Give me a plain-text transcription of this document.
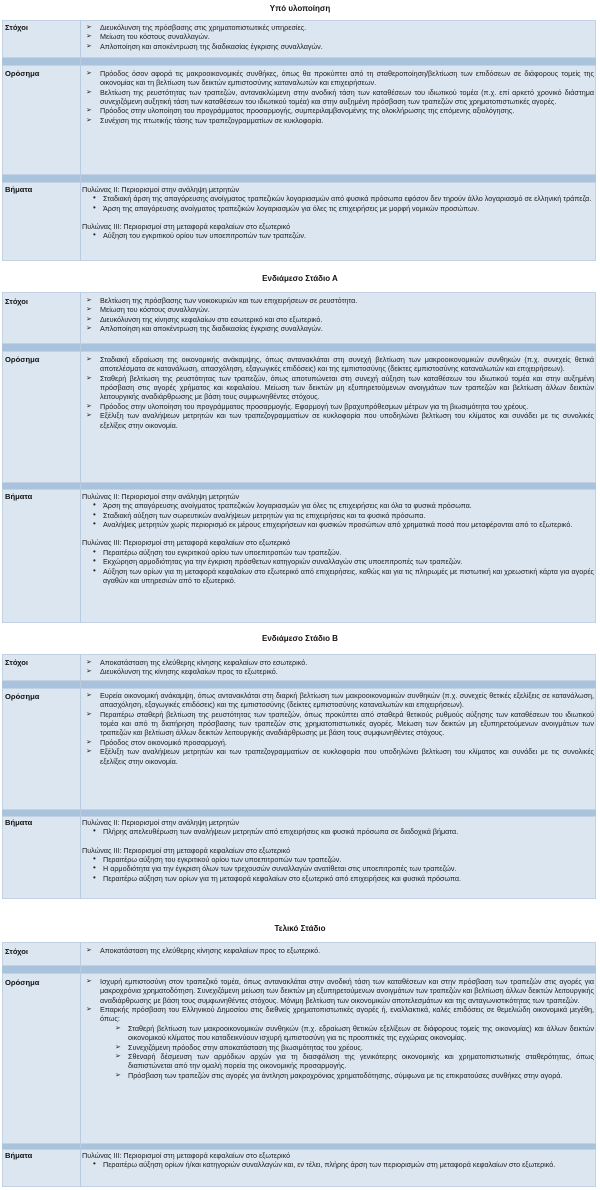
Υπό υλοποίηση
Στόχοι
Ορόσημα
Βήματα
➢ Διευκόλυνση της πρόσβασης στις χρηματοπιστωτικές υπηρεσίες.
➢ Μείωση του κόστους συναλλαγών.
➢ Απλοποίηση και αποκέντρωση της διαδικασίας έγκρισης συναλλαγών.
➢ Πρόοδος όσον αφορά τις μακροοικονομικές συνθήκες, όπως θα προκύπτει από τη σταθεροποίηση/βελτίωση των επιδόσεων σε διάφορους τομείς της οικονομίας και τη βελτίωση των δεικτών εμπιστοσύνης καταναλωτών και επιχειρήσεων.
➢ Βελτίωση της ρευστότητας των τραπεζών, αντανακλώμενη στην ανοδική τάση των καταθέσεων του ιδιωτικού τομέα (π.χ. επί αρκετό χρονικό διάστημα συνεχιζόμενη αυξητική τάση των καταθέσεων του ιδιωτικού τομέα) και στην αυξημένη πρόσβαση των τραπεζών στις χρηματοπιστωτικές αγορές.
➢ Πρόοδος στην υλοποίηση του προγράμματος προσαρμογής, συμπεριλαμβανομένης της ολοκλήρωσης της επόμενης αξιολόγησης.
➢ Συνέχιση της πτωτικής τάσης των τραπεζογραμματίων σε κυκλοφορία.

Πυλώνας ΙΙ: Περιορισμοί στην ανάληψη μετρητών

• Σταδιακή άρση της απαγόρευσης ανοίγματος τραπεζικών λογαριασμών από φυσικά πρόσωπα εφόσον δεν τηρούν άλλο λογαριασμό σε ελληνική τράπεζα.
• Άρση της απαγόρευσης ανοίγματος τραπεζικών λογαριασμών για όλες τις επιχειρήσεις με μορφή νομικών προσώπων.

Πυλώνας ΙΙΙ: Περιορισμοί στη μεταφορά κεφαλαίων στο εξωτερικό

• Αύξηση του εγκριτικού ορίου των υποεπιτροπών των τραπεζών.
Ενδιάμεσο Στάδιο Α
Στόχοι
Ορόσημα
Βήματα
➢ Βελτίωση της πρόσβασης των νοικοκυριών και των επιχειρήσεων σε ρευστότητα.
➢ Μείωση του κόστους συναλλαγών.
➢ Διευκόλυνση της κίνησης κεφαλαίων στο εσωτερικό και στο εξωτερικό.
➢ Απλοποίηση και αποκέντρωση της διαδικασίας έγκρισης συναλλαγών.
➢ Σταδιακή εδραίωση της οικονομικής ανάκαμψης, όπως αντανακλάται στη συνεχή βελτίωση των μακροοικονομικών συνθηκών (π.χ. συνεχείς θετικά αποτελέσματα σε κατανάλωση, απασχόληση, εξαγωγικές επιδόσεις) και της εμπιστοσύνης (δείκτες εμπιστοσύνης καταναλωτών και επιχειρήσεων).
➢ Σταθερή βελτίωση της ρευστότητας των τραπεζών, όπως αποτυπώνεται στη συνεχή αύξηση των καταθέσεων του ιδιωτικού τομέα και στην αυξημένη πρόσβαση στις αγορές χρήματος και κεφαλαίου. Μείωση των δεικτών μη εξυπηρετούμενων ανοιγμάτων των τραπεζών και βελτίωση άλλων δεικτών λειτουργικής αναδιάρθρωσης με βάση τους συμφωνηθέντες στόχους.
➢ Πρόοδος στην υλοποίηση του προγράμματος προσαρμογής. Εφαρμογή των βραχυπρόθεσμων μέτρων για τη βιωσιμότητα του χρέους.
➢ Εξέλιξη των αναλήψεων μετρητών και των τραπεζογραμματίων σε κυκλοφορία που υποδηλώνει βελτίωση του κλίματος και συνάδει με τις συνολικές εξελίξεις στην οικονομία.

Πυλώνας ΙΙ: Περιορισμοί στην ανάληψη μετρητών

• Άρση της απαγόρευσης ανοίγματος τραπεζικών λογαριασμών για όλες τις επιχειρήσεις και όλα τα φυσικά πρόσωπα.
• Σταδιακή αύξηση των σωρευτικών αναλήψεων μετρητών για τις επιχειρήσεις και τα φυσικά πρόσωπα.
• Αναλήψεις μετρητών χωρίς περιορισμό εκ μέρους επιχειρήσεων και φυσικών προσώπων από χρηματικά ποσά που μεταφέρονται από το εξωτερικό.

Πυλώνας ΙΙΙ: Περιορισμοί στη μεταφορά κεφαλαίων στο εξωτερικό

• Περαιτέρω αύξηση του εγκριτικού ορίου των υποεπιτροπών των τραπεζών.
• Εκχώρηση αρμοδιότητας για την έγκριση πρόσθετων κατηγοριών συναλλαγών στις υποεπιτροπές των τραπεζών.
• Αύξηση των ορίων για τη μεταφορά κεφαλαίων στο εξωτερικό από επιχειρήσεις, καθώς και για τις πληρωμές με πιστωτική και χρεωστική κάρτα για αγορές αγαθών και υπηρεσιών από το εξωτερικό.
Ενδιάμεσο Στάδιο Β
Στόχοι
Ορόσημα
Βήματα
➢ Αποκατάσταση της ελεύθερης κίνησης κεφαλαίων στο εσωτερικό.
➢ Διευκόλυνση της κίνησης κεφαλαίων προς το εξωτερικό.
➢ Ευρεία οικονομική ανάκαμψη, όπως αντανακλάται στη διαρκή βελτίωση των μακροοικονομικών συνθηκών (π.χ. συνεχείς θετικές εξελίξεις σε κατανάλωση, απασχόληση, εξαγωγικές επιδόσεις) και της εμπιστοσύνης (δείκτες εμπιστοσύνης καταναλωτών και επιχειρήσεων).
➢ Περαιτέρω σταθερή βελτίωση της ρευστότητας των τραπεζών, όπως προκύπτει από σταθερά θετικούς ρυθμούς αύξησης των καταθέσεων του ιδιωτικού τομέα και από τη διατήρηση πρόσβασης των τραπεζών στις χρηματοπιστωτικές αγορές. Μείωση των δεικτών μη εξυπηρετούμενων ανοιγμάτων των τραπεζών και βελτίωση άλλων δεικτών λειτουργικής αναδιάρθρωσης με βάση τους συμφωνηθέντες στόχους.
➢ Πρόοδος στον οικονομικό προσαρμογή.
➢ Εξέλιξη των αναλήψεων μετρητών και των τραπεζογραμματίων σε κυκλοφορία που υποδηλώνει βελτίωση του κλίματος και συνάδει με τις συνολικές εξελίξεις στην οικονομία.

Πυλώνας ΙΙ: Περιορισμοί στην ανάληψη μετρητών

• Πλήρης απελευθέρωση των αναλήψεων μετρητών από επιχειρήσεις και φυσικά πρόσωπα σε διαδοχικά βήματα.

Πυλώνας ΙΙΙ: Περιορισμοί στη μεταφορά κεφαλαίων στο εξωτερικό

• Περαιτέρω αύξηση του εγκριτικού ορίου των υποεπιτροπών των τραπεζών.
• Η αρμοδιότητα για την έγκριση όλων των τρεχουσών συναλλαγών ανατίθεται στις υποεπιτροπές των τραπεζών.
• Περαιτέρω αύξηση των ορίων για τη μεταφορά κεφαλαίων στο εξωτερικό από επιχειρήσεις και φυσικά πρόσωπα.
Τελικό Στάδιο
Στόχοι
Ορόσημα
Βήματα
➢ Αποκατάσταση της ελεύθερης κίνησης κεφαλαίων προς το εξωτερικό.
➢ Ισχυρή εμπιστοσύνη στον τραπεζικό τομέα, όπως αντανακλάται στην ανοδική τάση των καταθέσεων και στην πρόσβαση των τραπεζών στις αγορές για μακροχρόνια χρηματοδότηση. Συνεχιζόμενη μείωση των δεικτών μη εξυπηρετούμενων ανοιγμάτων των τραπεζών και βελτίωση άλλων δεικτών λειτουργικής αναδιάρθρωσης με βάση τους συμφωνηθέντες στόχους. Μόνιμη βελτίωση των οικονομικών αποτελεσμάτων και της ανταγωνιστικότητας των τραπεζών.
➢ Επαρκής πρόσβαση του Ελληνικού Δημοσίου στις διεθνείς χρηματοπιστωτικές αγορές ή, εναλλακτικά, καλές επιδόσεις σε θεμελιώδη οικονομικά μεγέθη, όπως:
➢ Σταθερή βελτίωση των μακροοικονομικών συνθηκών (π.χ. εδραίωση θετικών εξελίξεων σε διάφορους τομείς της οικονομίας) και άλλων δεικτών οικονομικού κλίματος που καταδεικνύουν ισχυρή εμπιστοσύνη για τις προοπτικές της εγχώριας οικονομίας.
➢ Συνεχιζόμενη πρόοδος στην αποκατάσταση της βιωσιμότητας του χρέους.
➢ Σθεναρή δέσμευση των αρμόδιων αρχών για τη διασφάλιση της γενικότερης οικονομικής και χρηματοπιστωτικής σταθερότητας, όπως διαπιστώνεται από την ομαλή πορεία της οικονομικής προσαρμογής.
➢ Πρόσβαση των τραπεζών στις αγορές για άντληση μακροχρόνιας χρηματοδότησης, σύμφωνα με τις επικρατούσες συνθήκες στην αγορά.

Πυλώνας ΙΙΙ: Περιορισμοί στη μεταφορά κεφαλαίων στο εξωτερικό

• Περαιτέρω αύξηση ορίων ή/και κατηγοριών συναλλαγών και, εν τέλει, πλήρης άρση των περιορισμών στη μεταφορά κεφαλαίων στο εξωτερικό.
